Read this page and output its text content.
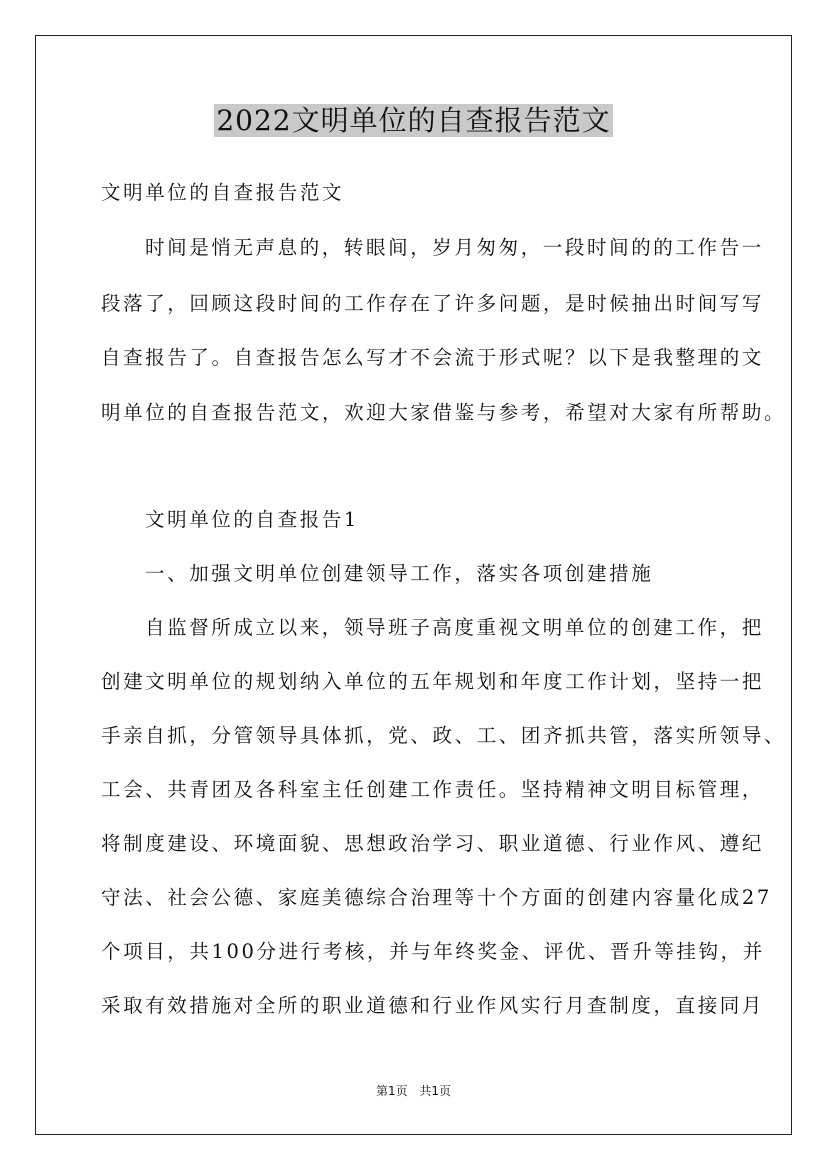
2022文明单位的自查报告范文
文明单位的自查报告范文
时间是悄无声息的，转眼间，岁月匆匆，一段时间的的工作告一
段落了，回顾这段时间的工作存在了许多问题，是时候抽出时间写写
自查报告了。自查报告怎么写才不会流于形式呢？以下是我整理的文
明单位的自查报告范文，欢迎大家借鉴与参考，希望对大家有所帮助。
文明单位的自查报告1
一、加强文明单位创建领导工作，落实各项创建措施
自监督所成立以来，领导班子高度重视文明单位的创建工作，把
创建文明单位的规划纳入单位的五年规划和年度工作计划，坚持一把
手亲自抓，分管领导具体抓，党、政、工、团齐抓共管，落实所领导、
工会、共青团及各科室主任创建工作责任。坚持精神文明目标管理，
将制度建设、环境面貌、思想政治学习、职业道德、行业作风、遵纪
守法、社会公德、家庭美德综合治理等十个方面的创建内容量化成27
个项目，共100分进行考核，并与年终奖金、评优、晋升等挂钩，并
采取有效措施对全所的职业道德和行业作风实行月查制度，直接同月
第1页 共1页
